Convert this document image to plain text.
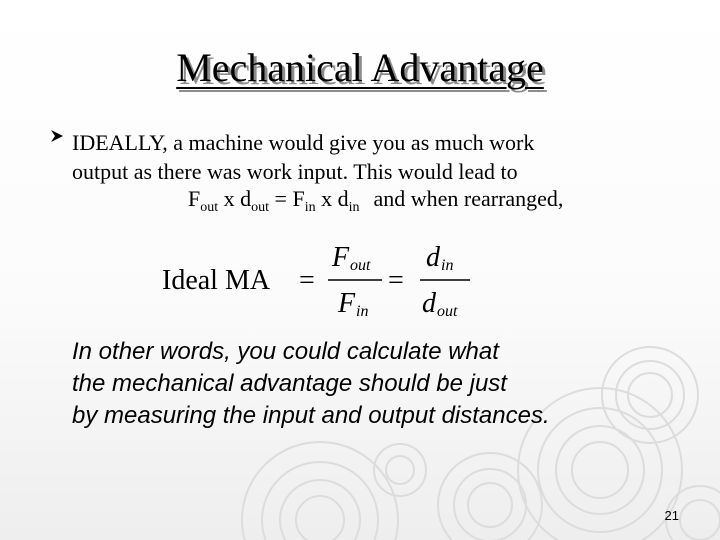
Mechanical Advantage
IDEALLY, a machine would give you as much work
output as there was work input. This would lead to
$F_{out}$ x $d_{out} = F_{in}$ x $d_{in}$ and when rearranged,
Ideal MA =
F out
F in
=
d in
d out
In other words, you could calculate what
the mechanical advantage should be just
by measuring the input and output distances.
21
